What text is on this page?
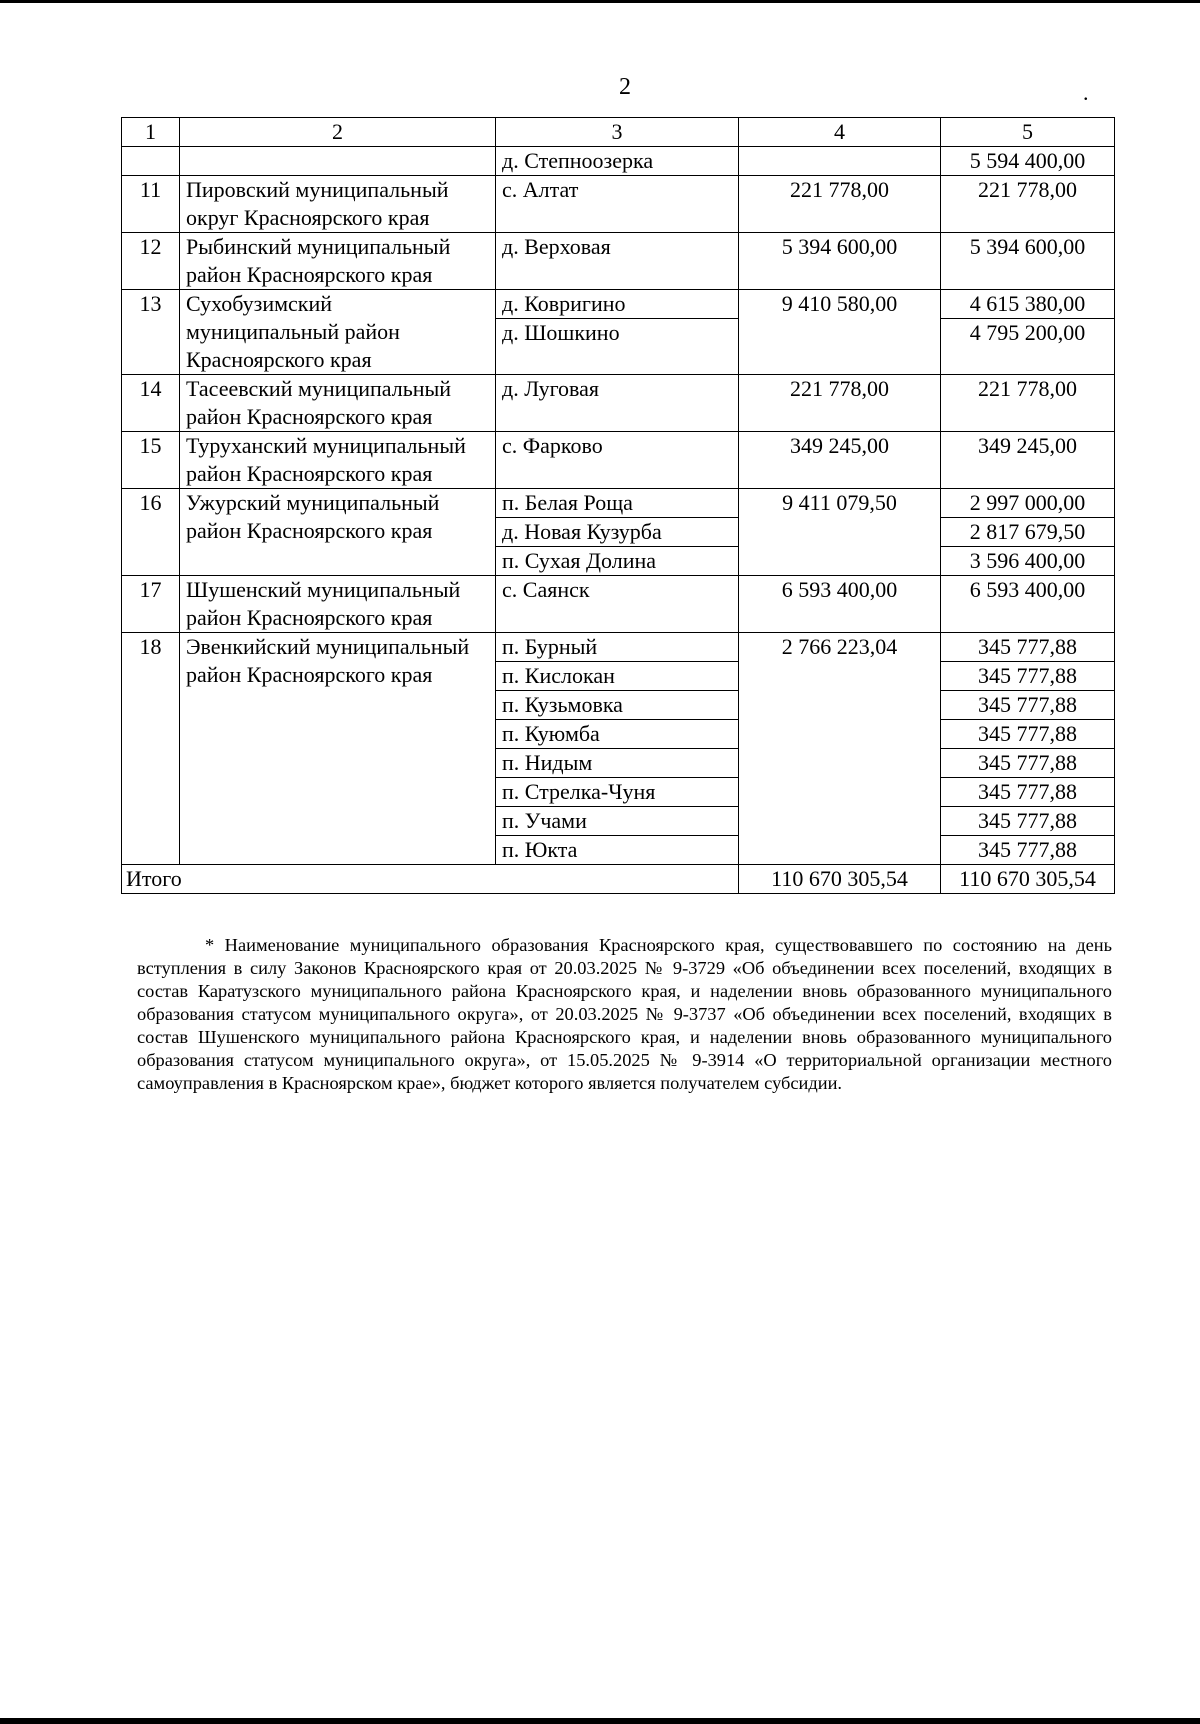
2	.
1	2	3	4	5
		д. Степноозерка		5 594 400,00
11	Пировский муниципальный округ Красноярского края	с. Алтат	221 778,00	221 778,00
12	Рыбинский муниципальный район Красноярского края	д. Верховая	5 394 600,00	5 394 600,00
13	Сухобузимский муниципальный район Красноярского края	д. Ковригино	9 410 580,00	4 615 380,00
		д. Шошкино		4 795 200,00
14	Тасеевский муниципальный район Красноярского края	д. Луговая	221 778,00	221 778,00
15	Туруханский муниципальный район Красноярского края	с. Фарково	349 245,00	349 245,00
16	Ужурский муниципальный район Красноярского края	п. Белая Роща	9 411 079,50	2 997 000,00
		д. Новая Кузурба		2 817 679,50
		п. Сухая Долина		3 596 400,00
17	Шушенский муниципальный район Красноярского края	с. Саянск	6 593 400,00	6 593 400,00
18	Эвенкийский муниципальный район Красноярского края	п. Бурный	2 766 223,04	345 777,88
		п. Кислокан		345 777,88
		п. Кузьмовка		345 777,88
		п. Куюмба		345 777,88
		п. Нидым		345 777,88
		п. Стрелка-Чуня		345 777,88
		п. Учами		345 777,88
		п. Юкта		345 777,88
Итого			110 670 305,54	110 670 305,54
* Наименование муниципального образования Красноярского края, существовавшего по состоянию на день вступления в силу Законов Красноярского края от 20.03.2025 № 9-3729 «Об объединении всех поселений, входящих в состав Каратузского муниципального района Красноярского края, и наделении вновь образованного муниципального образования статусом муниципального округа», от 20.03.2025 № 9-3737 «Об объединении всех поселений, входящих в состав Шушенского муниципального района Красноярского края, и наделении вновь образованного муниципального образования статусом муниципального округа», от 15.05.2025 № 9-3914 «О территориальной организации местного самоуправления в Красноярском крае», бюджет которого является получателем субсидии.
